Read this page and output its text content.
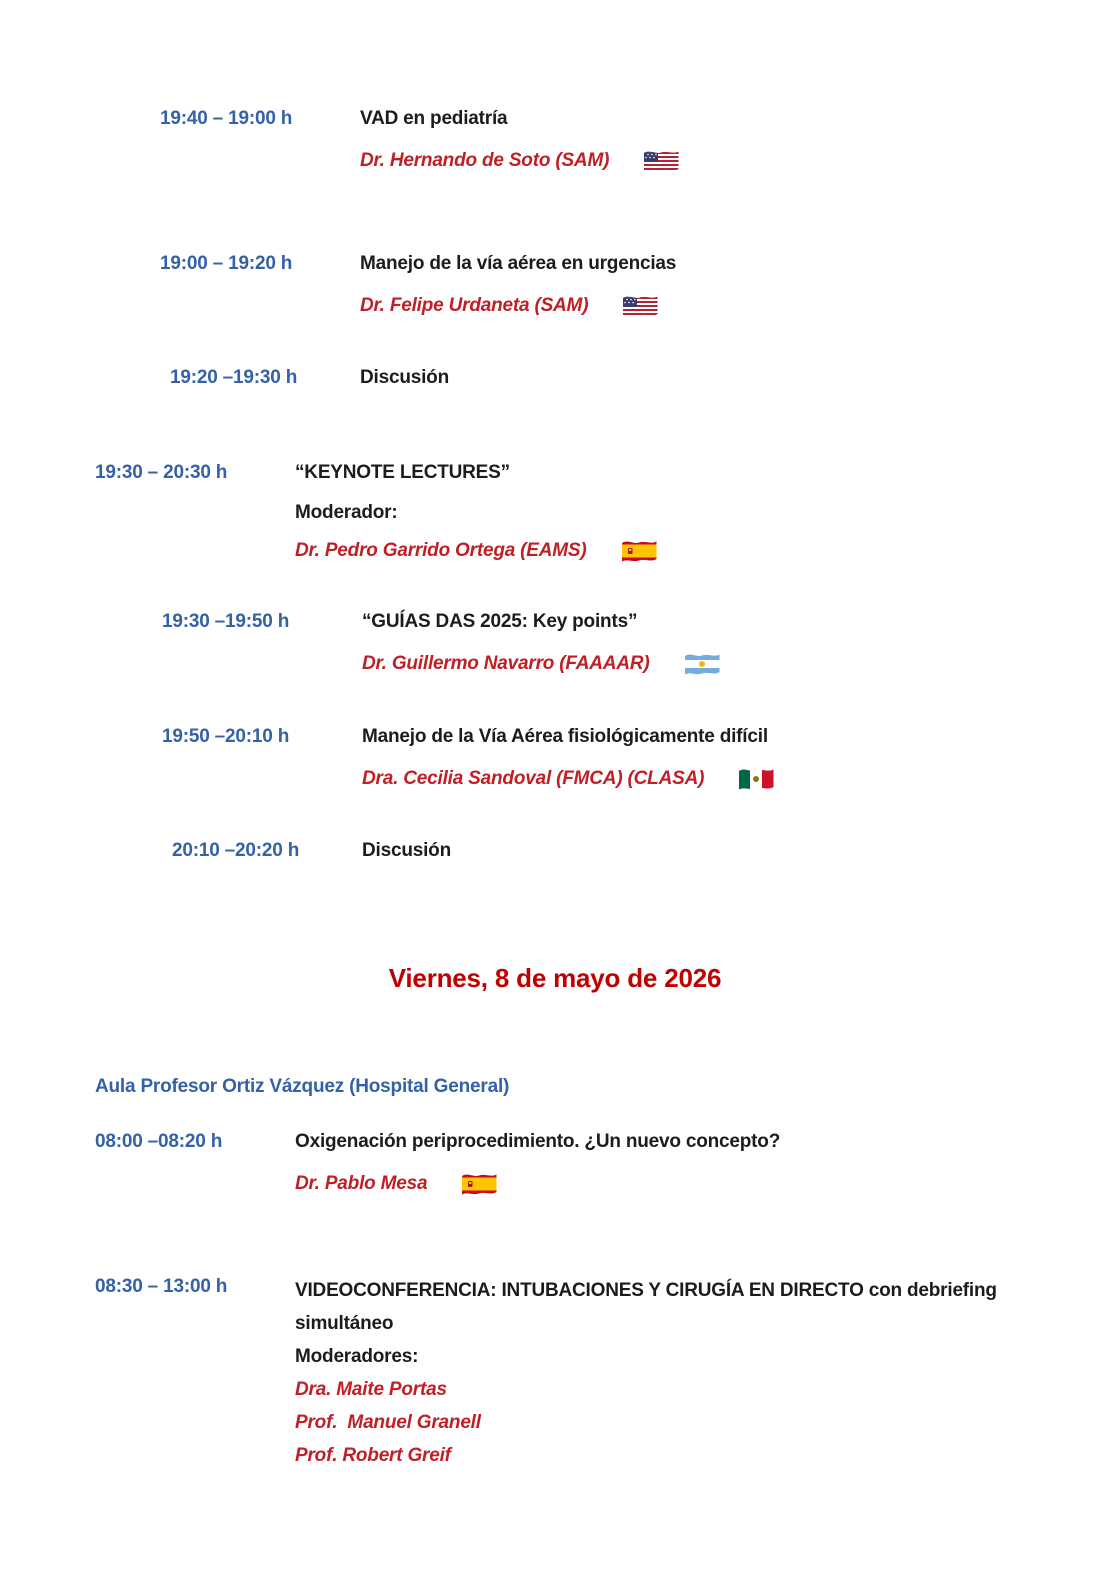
19:40 – 19:00 h	VAD en pediatría
Dr. Hernando de Soto (SAM)
19:00 – 19:20 h	Manejo de la vía aérea en urgencias
Dr. Felipe Urdaneta (SAM)
19:20 –19:30 h	Discusión
19:30 – 20:30 h	“KEYNOTE LECTURES”
Moderador:
Dr. Pedro Garrido Ortega (EAMS)
19:30 –19:50 h	“GUÍAS DAS 2025: Key points”
Dr. Guillermo Navarro (FAAAAR)
19:50 –20:10 h	Manejo de la Vía Aérea fisiológicamente difícil
Dra. Cecilia Sandoval (FMCA) (CLASA)
20:10 –20:20 h	Discusión
Viernes, 8 de mayo de 2026
Aula Profesor Ortiz Vázquez (Hospital General)
08:00 –08:20 h	Oxigenación periprocedimiento. ¿Un nuevo concepto?
Dr. Pablo Mesa
08:30 – 13:00 h	VIDEOCONFERENCIA: INTUBACIONES Y CIRUGÍA EN DIRECTO con debriefing
simultáneo
Moderadores:
Dra. Maite Portas
Prof.  Manuel Granell
Prof. Robert Greif
